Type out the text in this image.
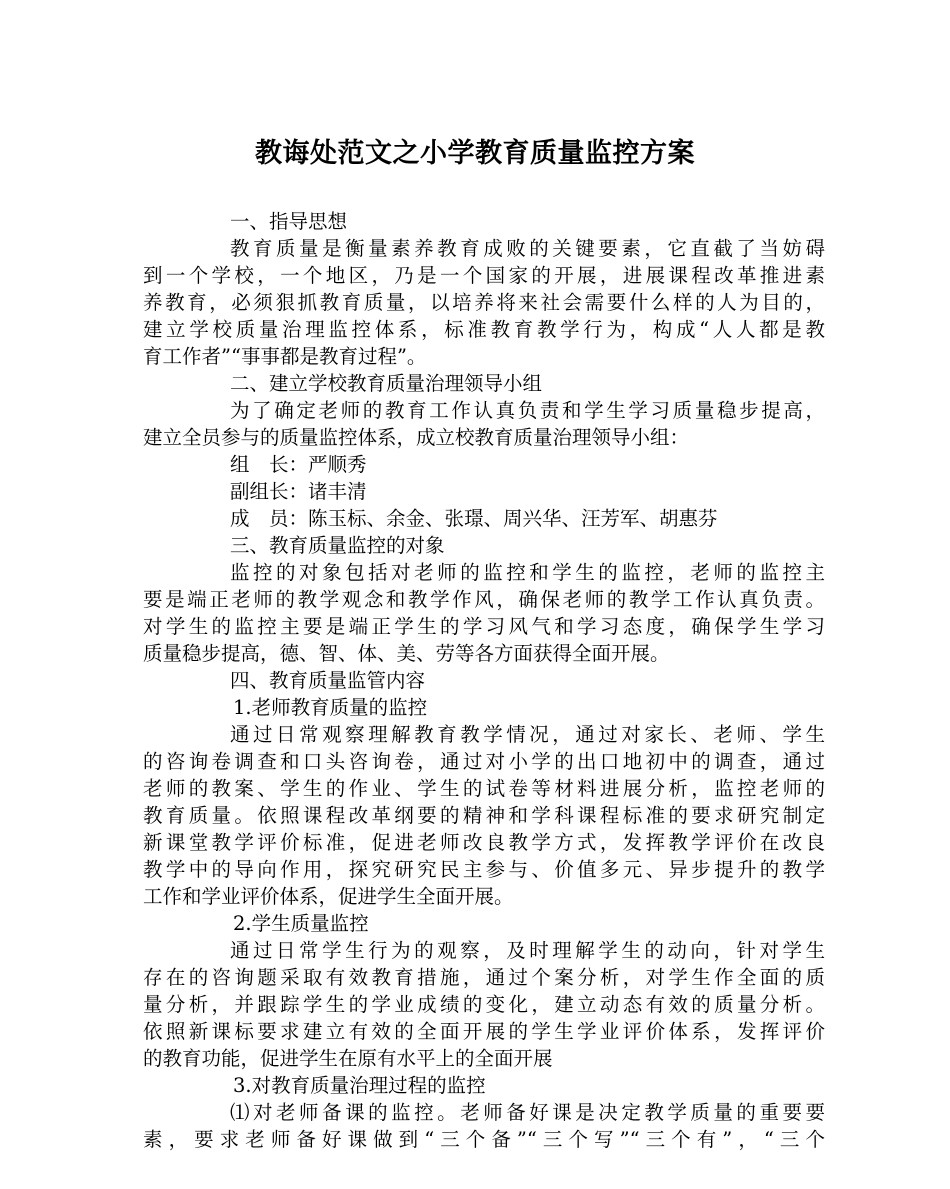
教诲处范文之小学教育质量监控方案
一、指导思想
教育质量是衡量素养教育成败的关键要素，它直截了当妨碍
到一个学校，一个地区，乃是一个国家的开展，进展课程改革推进素
养教育，必须狠抓教育质量，以培养将来社会需要什么样的人为目的，
建立学校质量治理监控体系，标准教育教学行为，构成“人人都是教
育工作者”“事事都是教育过程”。
二、建立学校教育质量治理领导小组
为了确定老师的教育工作认真负责和学生学习质量稳步提高，
建立全员参与的质量监控体系，成立校教育质量治理领导小组：
组　长：严顺秀
副组长：诸丰清
成　员：陈玉标、余金、张璟、周兴华、汪芳军、胡惠芬
三、教育质量监控的对象
监控的对象包括对老师的监控和学生的监控，老师的监控主
要是端正老师的教学观念和教学作风，确保老师的教学工作认真负责。
对学生的监控主要是端正学生的学习风气和学习态度，确保学生学习
质量稳步提高，德、智、体、美、劳等各方面获得全面开展。
四、教育质量监管内容
1.老师教育质量的监控
通过日常观察理解教育教学情况，通过对家长、老师、学生
的咨询卷调查和口头咨询卷，通过对小学的出口地初中的调查，通过
老师的教案、学生的作业、学生的试卷等材料进展分析，监控老师的
教育质量。依照课程改革纲要的精神和学科课程标准的要求研究制定
新课堂教学评价标准，促进老师改良教学方式，发挥教学评价在改良
教学中的导向作用，探究研究民主参与、价值多元、异步提升的教学
工作和学业评价体系，促进学生全面开展。
2.学生质量监控
通过日常学生行为的观察，及时理解学生的动向，针对学生
存在的咨询题采取有效教育措施，通过个案分析，对学生作全面的质
量分析，并跟踪学生的学业成绩的变化，建立动态有效的质量分析。
依照新课标要求建立有效的全面开展的学生学业评价体系，发挥评价
的教育功能，促进学生在原有水平上的全面开展
3.对教育质量治理过程的监控
⑴对老师备课的监控。老师备好课是决定教学质量的重要要
素，要求老师备好课做到“三个备”“三个写”“三个有”，“三个
